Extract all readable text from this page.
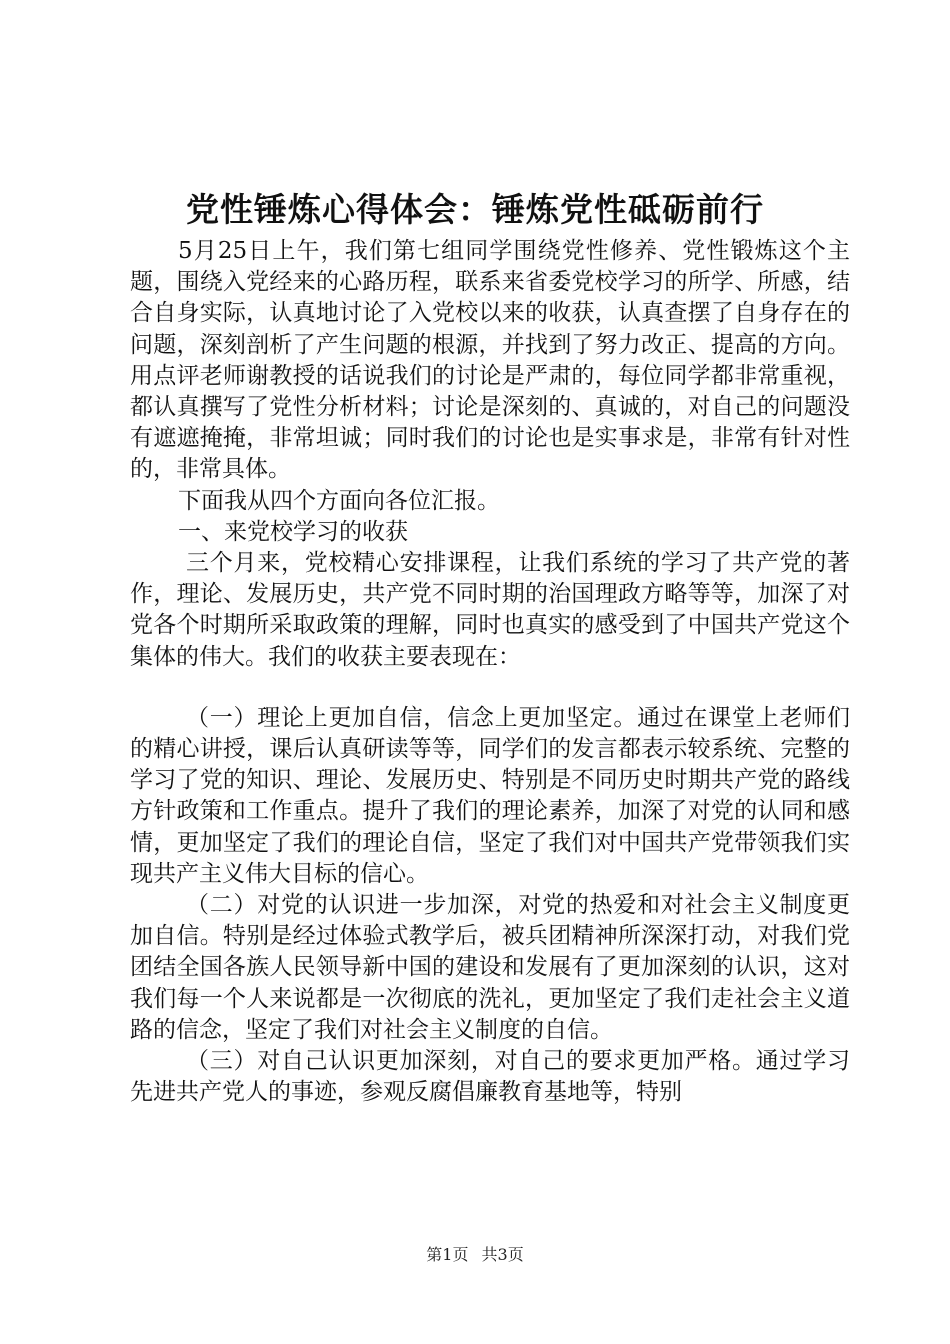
党性锤炼心得体会：锤炼党性砥砺前行

5月25日上午，我们第七组同学围绕党性修养、党性锻炼这个主题，围绕入党经来的心路历程，联系来省委党校学习的所学、所感，结合自身实际，认真地讨论了入党校以来的收获，认真查摆了自身存在的问题，深刻剖析了产生问题的根源，并找到了努力改正、提高的方向。用点评老师谢教授的话说我们的讨论是严肃的，每位同学都非常重视，都认真撰写了党性分析材料；讨论是深刻的、真诚的，对自己的问题没有遮遮掩掩，非常坦诚；同时我们的讨论也是实事求是，非常有针对性的，非常具体。

下面我从四个方面向各位汇报。

一、来党校学习的收获

三个月来，党校精心安排课程，让我们系统的学习了共产党的著作，理论、发展历史，共产党不同时期的治国理政方略等等，加深了对党各个时期所采取政策的理解，同时也真实的感受到了中国共产党这个集体的伟大。我们的收获主要表现在：

（一）理论上更加自信，信念上更加坚定。通过在课堂上老师们的精心讲授，课后认真研读等等，同学们的发言都表示较系统、完整的学习了党的知识、理论、发展历史、特别是不同历史时期共产党的路线方针政策和工作重点。提升了我们的理论素养，加深了对党的认同和感情，更加坚定了我们的理论自信，坚定了我们对中国共产党带领我们实现共产主义伟大目标的信心。

（二）对党的认识进一步加深，对党的热爱和对社会主义制度更加自信。特别是经过体验式教学后，被兵团精神所深深打动，对我们党团结全国各族人民领导新中国的建设和发展有了更加深刻的认识，这对我们每一个人来说都是一次彻底的洗礼，更加坚定了我们走社会主义道路的信念，坚定了我们对社会主义制度的自信。

（三）对自己认识更加深刻，对自己的要求更加严格。通过学习先进共产党人的事迹，参观反腐倡廉教育基地等，特别

第1页 共3页
